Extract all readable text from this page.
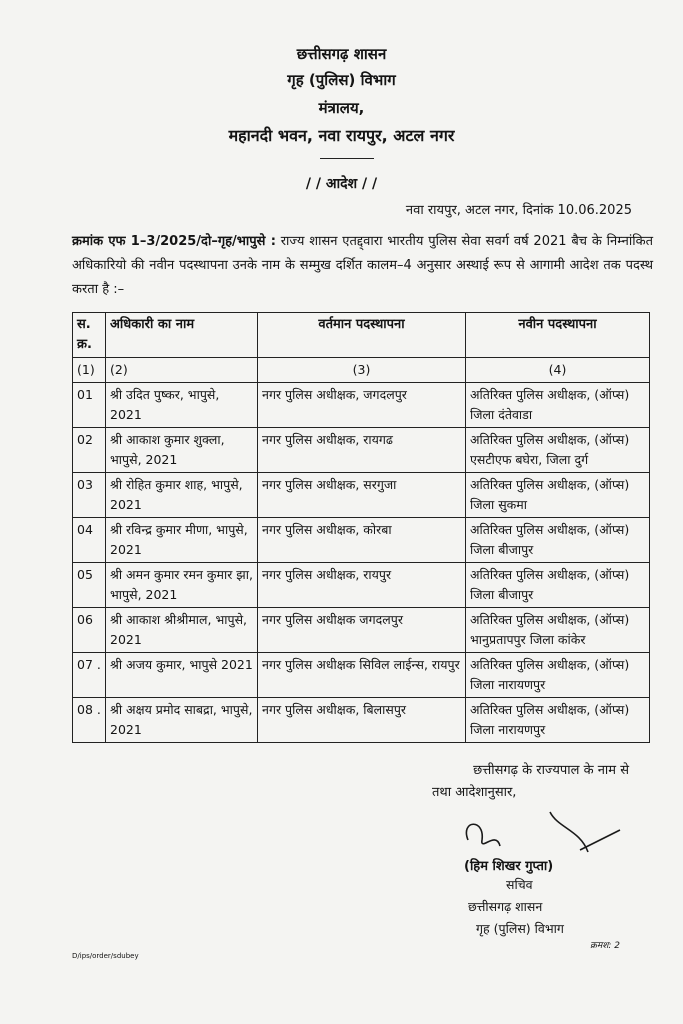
छत्तीसगढ़ शासन
गृह (पुलिस) विभाग
मंत्रालय,
महानदी भवन, नवा रायपुर, अटल नगर
/ / आदेश / /
नवा रायपुर, अटल नगर, दिनांक 10.06.2025
क्रमांक एफ 1–3/2025/दो–गृह/भापुसे : राज्य शासन एतद्द्वारा भारतीय पुलिस सेवा सवर्ग वर्ष 2021 बैच के निम्नांकित अधिकारियो की नवीन पदस्थापना उनके नाम के सम्मुख दर्शित कालम–4 अनुसार अस्थाई रूप से आगामी आदेश तक पदस्थ करता है :–
स. क्र.	अधिकारी का नाम	वर्तमान पदस्थापना	नवीन पदस्थापना
(1)	(2)	(3)	(4)
01	श्री उदित पुष्कर, भापुसे, 2021	नगर पुलिस अधीक्षक, जगदलपुर	अतिरिक्त पुलिस अधीक्षक, (ऑप्स) जिला दंतेवाडा
02	श्री आकाश कुमार शुक्ला, भापुसे, 2021	नगर पुलिस अधीक्षक, रायगढ	अतिरिक्त पुलिस अधीक्षक, (ऑप्स) एसटीएफ बघेरा, जिला दुर्ग
03	श्री रोहित कुमार शाह, भापुसे, 2021	नगर पुलिस अधीक्षक, सरगुजा	अतिरिक्त पुलिस अधीक्षक, (ऑप्स) जिला सुकमा
04	श्री रविन्द्र कुमार मीणा, भापुसे, 2021	नगर पुलिस अधीक्षक, कोरबा	अतिरिक्त पुलिस अधीक्षक, (ऑप्स) जिला बीजापुर
05	श्री अमन कुमार रमन कुमार झा, भापुसे, 2021	नगर पुलिस अधीक्षक, रायपुर	अतिरिक्त पुलिस अधीक्षक, (ऑप्स) जिला बीजापुर
06	श्री आकाश श्रीश्रीमाल, भापुसे, 2021	नगर पुलिस अधीक्षक जगदलपुर	अतिरिक्त पुलिस अधीक्षक, (ऑप्स) भानुप्रतापपुर जिला कांकेर
07 .	श्री अजय कुमार, भापुसे 2021	नगर पुलिस अधीक्षक सिविल लाईन्स, रायपुर	अतिरिक्त पुलिस अधीक्षक, (ऑप्स) जिला नारायणपुर
08 .	श्री अक्षय प्रमोद साबद्रा, भापुसे, 2021	नगर पुलिस अधीक्षक, बिलासपुर	अतिरिक्त पुलिस अधीक्षक, (ऑप्स) जिला नारायणपुर
छत्तीसगढ़ के राज्यपाल के नाम से
तथा आदेशानुसार,
(हिम शिखर गुप्ता)
सचिव
छत्तीसगढ़ शासन
गृह (पुलिस) विभाग
D/ips/order/sdubey
क्रमश: 2
